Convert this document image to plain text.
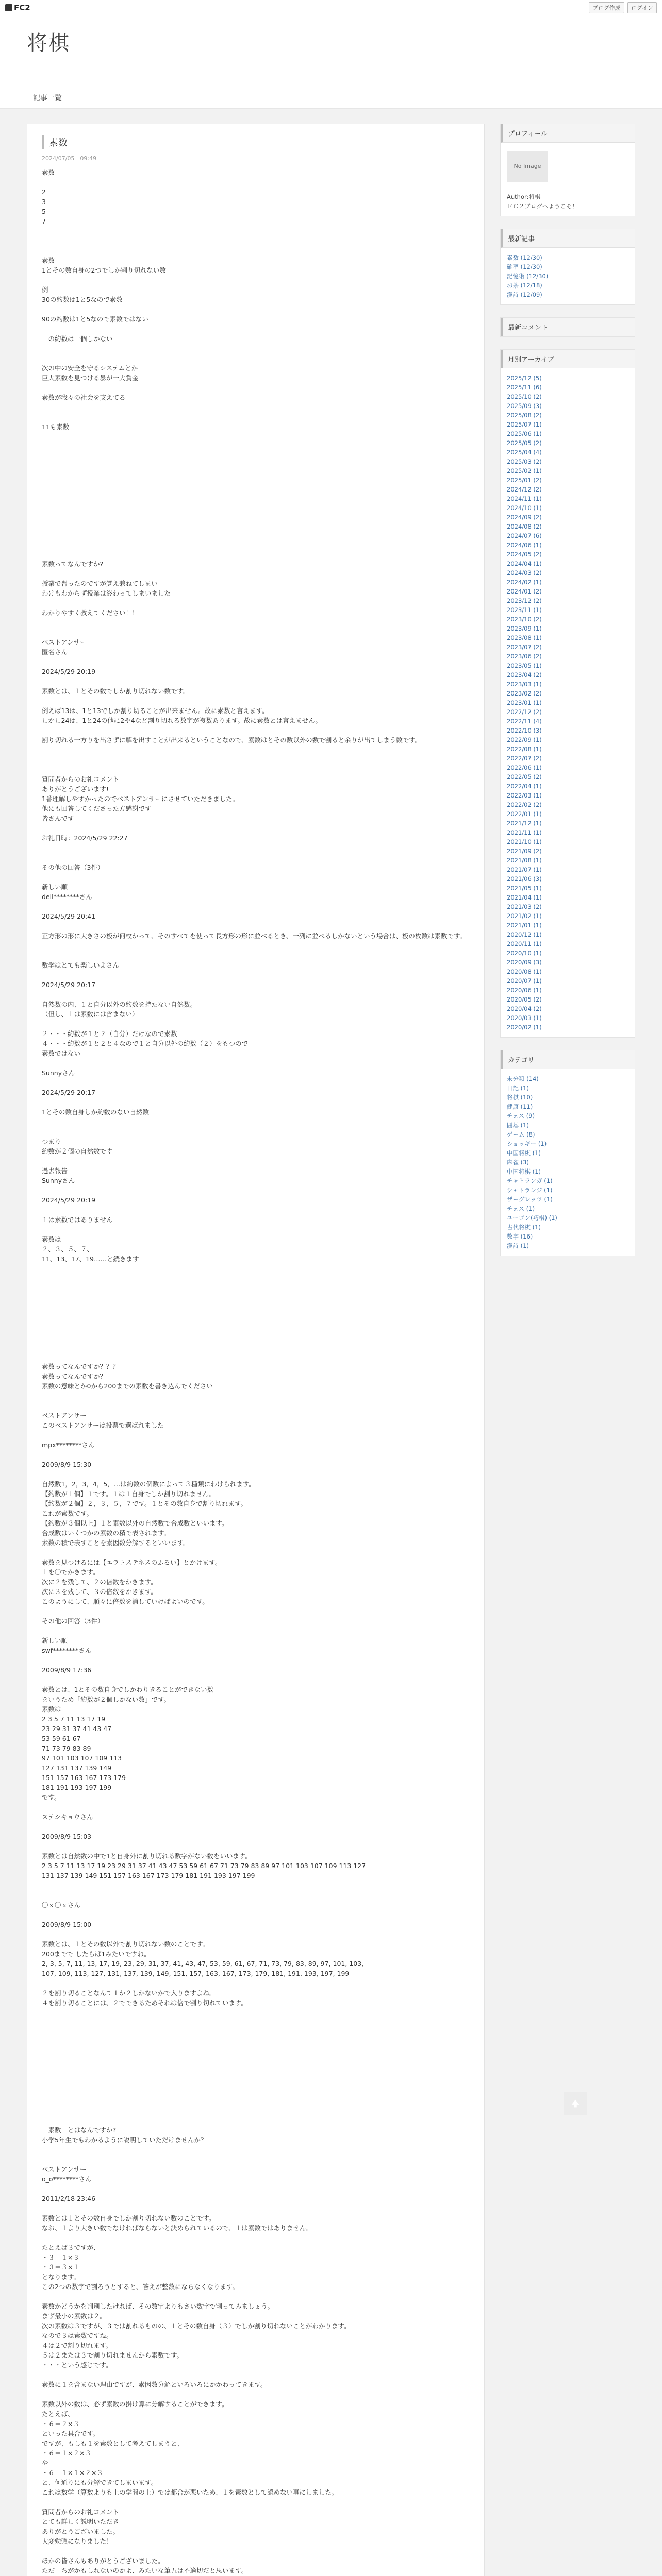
FC2	ブログ作成	ログイン
将棋
記事一覧
素数
2024/07/05　09:49

素数

2

3

5

7

素数

1とその数自身の2つでしか割り切れない数

例

30の約数は1と5なので素数

90の約数は1と5なので素数ではない

一の約数は一個しかない

次の中の安全を守るシステムとか

巨大素数を見つける暴が一大賞金

素数が我々の社会を支えてる

11も素数

素数ってなんですか?

授業で習ったのですが覚え兼ねてしまい

わけもわからず授業は終わってしまいました

わかりやすく教えてください！！

ベストアンサー

匿名さん

2024/5/29 20:19

素数とは、１とその数でしか割り切れない数です。

例えば13は、1と13でしか割り切ることが出来ません。故に素数と言えます。

しかし24は、1と24の他に2や4など割り切れる数字が複数あります。故に素数とは言えません。

割り切れる一方りを出さずに解を出すことが出来るということなので、素数はとその数以外の数で割ると余りが出てしまう数です。

質問者からのお礼コメント

ありがとうございます!

1番理解しやすかったのでベストアンサーにさせていただきました。

他にも回答してくださった方感謝です

皆さんです

お礼日時：2024/5/29 22:27

その他の回答（3件）

新しい順

dell********さん

2024/5/29 20:41

正方形の形に大きさの板が何枚かって、そのすべてを使って長方形の形に並べるとき、一列に並べるしかないという場合は、板の枚数は素数です。

数学はとても楽しいよさん

2024/5/29 20:17

自然数の内、１と自分以外の約数を持たない自然数。

（但し、１は素数には含まない）

２・・・約数が１と２（自分）だけなので素数

４・・・約数が１と２と４なので１と自分以外の約数（２）をもつので

素数ではない

Sunnyさん

2024/5/29 20:17

1とその数自身しか約数のない自然数

つまり

約数が２個の自然数です

過去報告

Sunnyさん

2024/5/29 20:19

１は素数ではありません

素数は

２、３、５、７、

11、13、17、19……と続きます

素数ってなんですか？？？

素数ってなんですか？

素数の意味とか0から200までの素数を書き込んでください

ベストアンサー

このベストアンサーは投票で選ばれました

mpx********さん

2009/8/9 15:30

自然数1，2，3，4，5，…は約数の個数によって３種類にわけられます。

【約数が１個】１です。１は１自身でしか割り切れません。

【約数が２個】２，３，５，７です。１とその数自身で割り切れます。

これが素数です。

【約数が３個以上】１と素数以外の自然数で合成数といいます。

合成数はいくつかの素数の積で表されます。

素数の積で表すことを素因数分解するといいます。

素数を見つけるには【エラトステネスのふるい】とかけます。

１を〇でかきます。

次に２を残して、２の倍数をかきます。

次に３を残して、３の倍数をかきます。

このようにして、順々に倍数を消していけばよいのです。

その他の回答（3件）

新しい順

swf********さん

2009/8/9 17:36

素数とは、1とその数自身でしかわりきることができない数

をいうため「約数が２個しかない数」です。

素数は

2 3 5 7 11 13 17 19

23 29 31 37 41 43 47

53 59 61 67

71 73 79 83 89

97 101 103 107 109 113

127 131 137 139 149

151 157 163 167 173 179

181 191 193 197 199

です。

ステシキョウさん

2009/8/9 15:03

素数とは自然数の中で1と自身外に割り切れる数字がない数をいいます。

2 3 5 7 11 13 17 19 23 29 31 37 41 43 47 53 59 61 67 71 73 79 83 89 97 101 103 107 109 113 127

131 137 139 149 151 157 163 167 173 179 181 191 193 197 199

〇ｘ〇ｘさん

2009/8/9 15:00

素数とは、１とその数以外で割り切れない数のことです。

200までで したらば1みたいですね。

2, 3, 5, 7, 11, 13, 17, 19, 23, 29, 31, 37, 41, 43, 47, 53, 59, 61, 67, 71, 73, 79, 83, 89, 97, 101, 103,

107, 109, 113, 127, 131, 137, 139, 149, 151, 157, 163, 167, 173, 179, 181, 191, 193, 197, 199

２を割り切ることなんて１か２しかないかで入りますよね。

４を割り切ることには、２でできるためそれは倍で割り切れています。

「素数」とはなんですか?

小学5年生でもわかるように説明していただけませんか？

ベストアンサー

o_o********さん

2011/2/18 23:46

素数とは１とその数自身でしか割り切れない数のことです。

なお、１より大きい数でなければならないと決められているので、１は素数ではありません。

たとえば３ですが、

・３＝１×３

・３＝３×１

となります。

この2つの数字で割ろうとすると、答えが整数にならなくなります。

素数かどうかを判別したければ、その数字よりもさい数字で割ってみましょう。

まず最小の素数は２。

次の素数は３ですが、３では割れるものの、１とその数自身（３）でしか割り切れないことがわかります。

なので３は素数ですね。

４は２で割り切れます。

５は２または３で割り切れませんから素数です。

・・・という感じです。

素数に１を含まない理由ですが、素因数分解といろいろにかかわってきます。

素数以外の数は、必ず素数の掛け算に分解することができます。

たとえば、

・６＝２×３

といった具合です。

ですが、もしも１を素数として考えてしまうと、

・６＝１×２×３

や

・６＝１×１×２×３

と、何通りにも分解できてしまいます。

これは数学（算数よりも上の学問の上）では都合が悪いため、１を素数として認めない事にしました。

質問者からのお礼コメント

とても詳しく説明いただき

ありがとうございました。

大変勉強になりました！

ほかの皆さんもありがとうございました。

ただ一ちがかもしれないのかよ、みたいな筆五は不適切だと思います。

プロフィール
No Image
Author:将棋
ＦＣ２ブログへようこそ！
最新記事
素数 (12/30)
確率 (12/30)
記憶術 (12/30)
お茶 (12/18)
漢詩 (12/09)
最新コメント
月別アーカイブ
2025/12 (5)
2025/11 (6)
2025/10 (2)
2025/09 (3)
2025/08 (2)
2025/07 (1)
2025/06 (1)
2025/05 (2)
2025/04 (4)
2025/03 (2)
2025/02 (1)
2025/01 (2)
2024/12 (2)
2024/11 (1)
2024/10 (1)
2024/09 (2)
2024/08 (2)
2024/07 (6)
2024/06 (1)
2024/05 (2)
2024/04 (1)
2024/03 (2)
2024/02 (1)
2024/01 (2)
2023/12 (2)
2023/11 (1)
2023/10 (2)
2023/09 (1)
2023/08 (1)
2023/07 (2)
2023/06 (2)
2023/05 (1)
2023/04 (2)
2023/03 (1)
2023/02 (2)
2023/01 (1)
2022/12 (2)
2022/11 (4)
2022/10 (3)
2022/09 (1)
2022/08 (1)
2022/07 (2)
2022/06 (1)
2022/05 (2)
2022/04 (1)
2022/03 (1)
2022/02 (2)
2022/01 (1)
2021/12 (1)
2021/11 (1)
2021/10 (1)
2021/09 (2)
2021/08 (1)
2021/07 (1)
2021/06 (3)
2021/05 (1)
2021/04 (1)
2021/03 (2)
2021/02 (1)
2021/01 (1)
2020/12 (1)
2020/11 (1)
2020/10 (1)
2020/09 (3)
2020/08 (1)
2020/07 (1)
2020/06 (1)
2020/05 (2)
2020/04 (2)
2020/03 (1)
2020/02 (1)
カテゴリ
未分類 (14)
日記 (1)
将棋 (10)
健康 (11)
チェス (9)
囲碁 (1)
ゲーム (8)
ショッギー (1)
中国将棋 (1)
麻雀 (3)
中国将棋 (1)
チャトランガ (1)
シャトランジ (1)
ザーグレッツ (1)
チェス (1)
ユーゴン(巧棋) (1)
古代将棋 (1)
数字 (16)
漢詩 (1)
